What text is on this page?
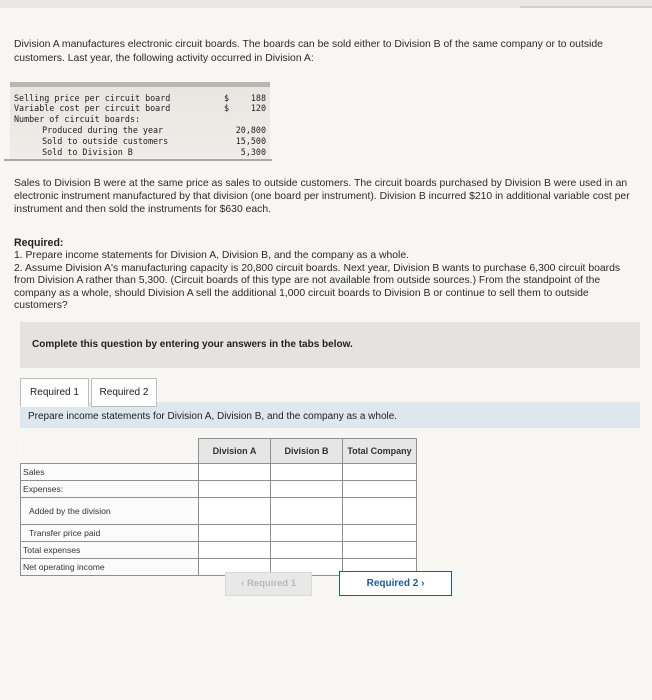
Division A manufactures electronic circuit boards. The boards can be sold either to Division B of the same company or to outside customers. Last year, the following activity occurred in Division A:
Selling price per circuit board	$	188
Variable cost per circuit board	$	120
Number of circuit boards:
Produced during the year	20,800
Sold to outside customers	15,500
Sold to Division B	5,300
Sales to Division B were at the same price as sales to outside customers. The circuit boards purchased by Division B were used in an electronic instrument manufactured by that division (one board per instrument). Division B incurred $210 in additional variable cost per instrument and then sold the instruments for $630 each.
Required:

1. Prepare income statements for Division A, Division B, and the company as a whole.

2. Assume Division A's manufacturing capacity is 20,800 circuit boards. Next year, Division B wants to purchase 6,300 circuit boards from Division A rather than 5,300. (Circuit boards of this type are not available from outside sources.) From the standpoint of the company as a whole, should Division A sell the additional 1,000 circuit boards to Division B or continue to sell them to outside customers?

Complete this question by entering your answers in the tabs below.
Prepare income statements for Division A, Division B, and the company as a whole.
Required 1	Required 2
	Division A	Division B	Total Company
Sales			
Expenses:			
Added by the division			
Transfer price paid			
Total expenses			
Net operating income			
‹ Required 1	Required 2 ›
